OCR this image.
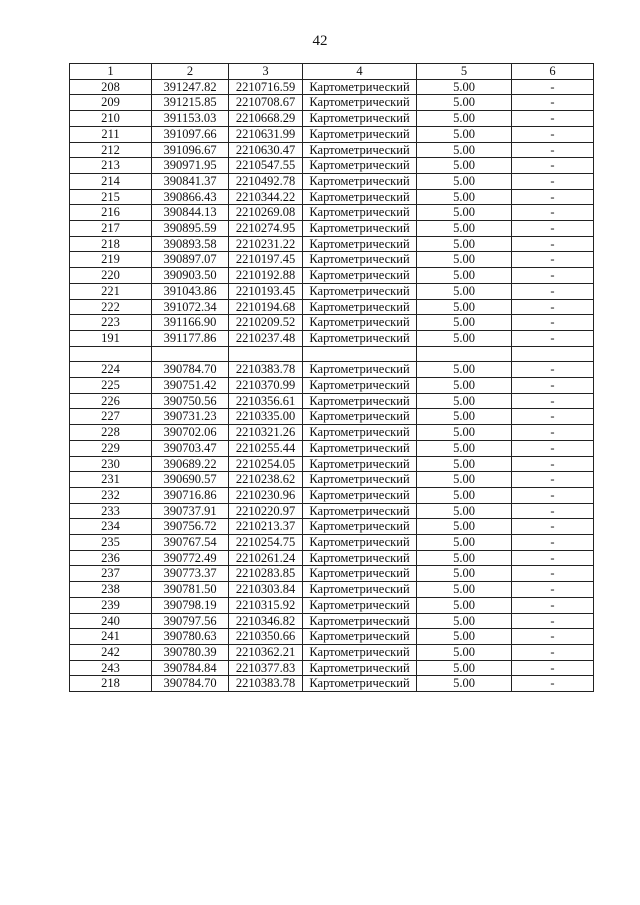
42
1	2	3	4	5	6
208	391247.82	2210716.59	Картометрический	5.00	-
209	391215.85	2210708.67	Картометрический	5.00	-
210	391153.03	2210668.29	Картометрический	5.00	-
211	391097.66	2210631.99	Картометрический	5.00	-
212	391096.67	2210630.47	Картометрический	5.00	-
213	390971.95	2210547.55	Картометрический	5.00	-
214	390841.37	2210492.78	Картометрический	5.00	-
215	390866.43	2210344.22	Картометрический	5.00	-
216	390844.13	2210269.08	Картометрический	5.00	-
217	390895.59	2210274.95	Картометрический	5.00	-
218	390893.58	2210231.22	Картометрический	5.00	-
219	390897.07	2210197.45	Картометрический	5.00	-
220	390903.50	2210192.88	Картометрический	5.00	-
221	391043.86	2210193.45	Картометрический	5.00	-
222	391072.34	2210194.68	Картометрический	5.00	-
223	391166.90	2210209.52	Картометрический	5.00	-
191	391177.86	2210237.48	Картометрический	5.00	-

224	390784.70	2210383.78	Картометрический	5.00	-
225	390751.42	2210370.99	Картометрический	5.00	-
226	390750.56	2210356.61	Картометрический	5.00	-
227	390731.23	2210335.00	Картометрический	5.00	-
228	390702.06	2210321.26	Картометрический	5.00	-
229	390703.47	2210255.44	Картометрический	5.00	-
230	390689.22	2210254.05	Картометрический	5.00	-
231	390690.57	2210238.62	Картометрический	5.00	-
232	390716.86	2210230.96	Картометрический	5.00	-
233	390737.91	2210220.97	Картометрический	5.00	-
234	390756.72	2210213.37	Картометрический	5.00	-
235	390767.54	2210254.75	Картометрический	5.00	-
236	390772.49	2210261.24	Картометрический	5.00	-
237	390773.37	2210283.85	Картометрический	5.00	-
238	390781.50	2210303.84	Картометрический	5.00	-
239	390798.19	2210315.92	Картометрический	5.00	-
240	390797.56	2210346.82	Картометрический	5.00	-
241	390780.63	2210350.66	Картометрический	5.00	-
242	390780.39	2210362.21	Картометрический	5.00	-
243	390784.84	2210377.83	Картометрический	5.00	-
218	390784.70	2210383.78	Картометрический	5.00	-
